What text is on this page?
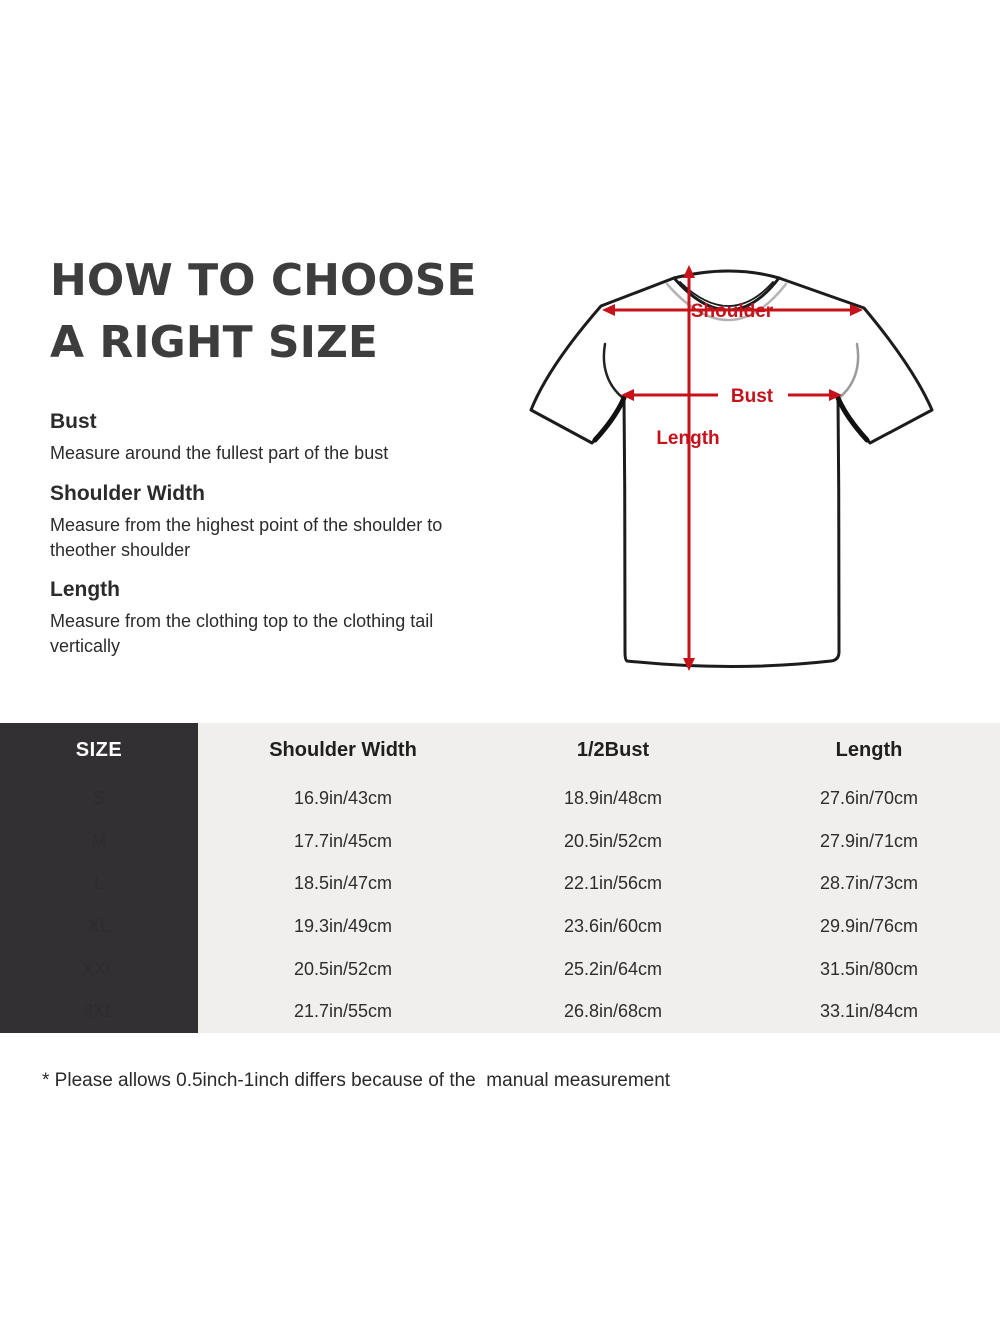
HOW TO CHOOSE
A RIGHT SIZE
Bust

Measure around the fullest part of the bust

Shoulder Width

Measure from the highest point of the shoulder to theother shoulder

Length

Measure from the clothing top to the clothing tail vertically

Shoulder
Bust
Length
SIZE	Shoulder Width	1/2Bust	Length
S	16.9in/43cm	18.9in/48cm	27.6in/70cm
M	17.7in/45cm	20.5in/52cm	27.9in/71cm
L	18.5in/47cm	22.1in/56cm	28.7in/73cm
XL	19.3in/49cm	23.6in/60cm	29.9in/76cm
XXL	20.5in/52cm	25.2in/64cm	31.5in/80cm
3XL	21.7in/55cm	26.8in/68cm	33.1in/84cm

* Please allows 0.5inch-1inch differs because of the  manual measurement
